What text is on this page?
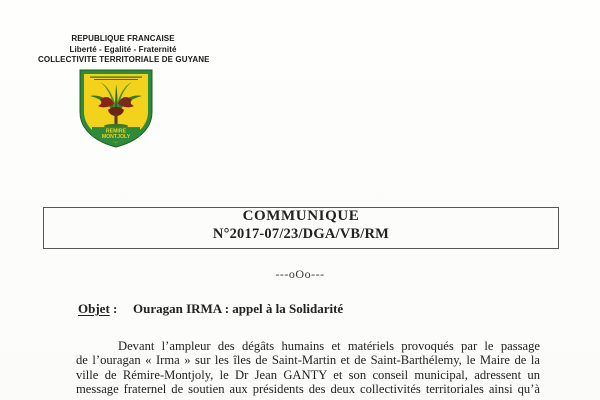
REPUBLIQUE FRANCAISE
Liberté - Egalité - Fraternité
COLLECTIVITE TERRITORIALE DE GUYANE
REMIRE
MONTJOLY
COMMUNIQUE
N°2017-07/23/DGA/VB/RM
---oOo---
Objet : Ouragan IRMA : appel à la Solidarité
Devant l’ampleur des dégâts humains et matériels provoqués par le passage
de l’ouragan « Irma » sur les îles de Saint-Martin et de Saint-Barthélemy, le Maire de la
ville de Rémire-Montjoly, le Dr Jean GANTY et son conseil municipal, adressent un
message fraternel de soutien aux présidents des deux collectivités territoriales ainsi qu’à
